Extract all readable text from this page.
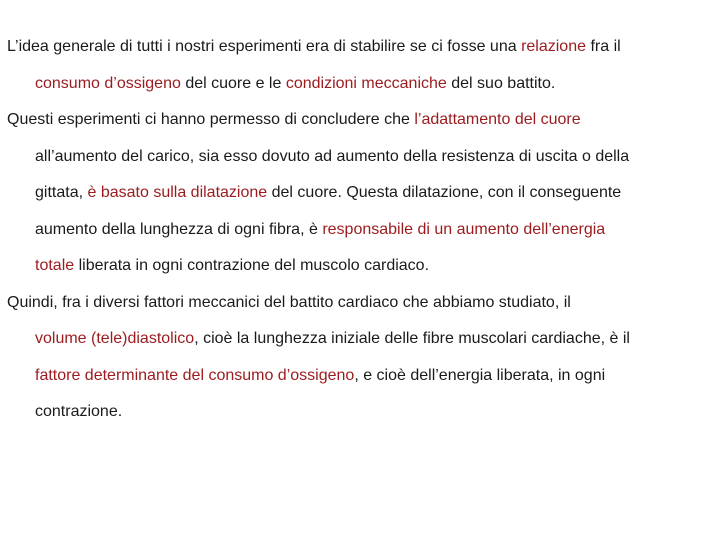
L’idea generale di tutti i nostri esperimenti era di stabilire se ci fosse una relazione fra il
consumo d’ossigeno del cuore e le condizioni meccaniche del suo battito.
Questi esperimenti ci hanno permesso di concludere che l’adattamento del cuore
all’aumento del carico, sia esso dovuto ad aumento della resistenza di uscita o della
gittata, è basato sulla dilatazione del cuore. Questa dilatazione, con il conseguente
aumento della lunghezza di ogni fibra, è responsabile di un aumento dell’energia
totale liberata in ogni contrazione del muscolo cardiaco.
Quindi, fra i diversi fattori meccanici del battito cardiaco che abbiamo studiato, il
volume (tele)diastolico, cioè la lunghezza iniziale delle fibre muscolari cardiache, è il
fattore determinante del consumo d’ossigeno, e cioè dell’energia liberata, in ogni
contrazione.
